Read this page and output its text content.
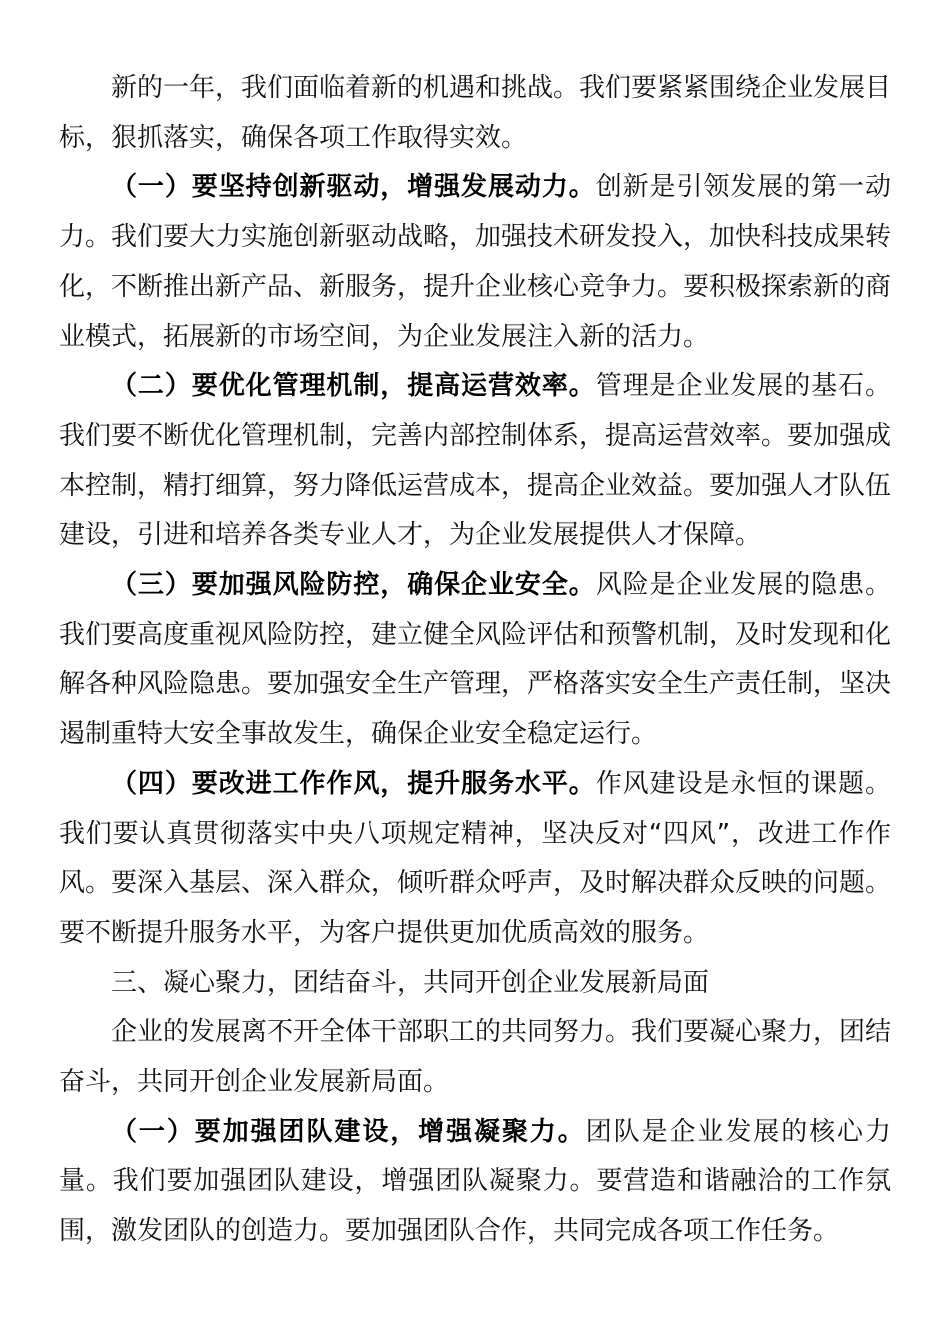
新的一年，我们面临着新的机遇和挑战。我们要紧紧围绕企业发展目标，狠抓落实，确保各项工作取得实效。

（一）要坚持创新驱动，增强发展动力。创新是引领发展的第一动力。我们要大力实施创新驱动战略，加强技术研发投入，加快科技成果转化，不断推出新产品、新服务，提升企业核心竞争力。要积极探索新的商业模式，拓展新的市场空间，为企业发展注入新的活力。

（二）要优化管理机制，提高运营效率。管理是企业发展的基石。我们要不断优化管理机制，完善内部控制体系，提高运营效率。要加强成本控制，精打细算，努力降低运营成本，提高企业效益。要加强人才队伍建设，引进和培养各类专业人才，为企业发展提供人才保障。

（三）要加强风险防控，确保企业安全。风险是企业发展的隐患。我们要高度重视风险防控，建立健全风险评估和预警机制，及时发现和化解各种风险隐患。要加强安全生产管理，严格落实安全生产责任制，坚决遏制重特大安全事故发生，确保企业安全稳定运行。

（四）要改进工作作风，提升服务水平。作风建设是永恒的课题。我们要认真贯彻落实中央八项规定精神，坚决反对“四风”，改进工作作风。要深入基层、深入群众，倾听群众呼声，及时解决群众反映的问题。要不断提升服务水平，为客户提供更加优质高效的服务。

三、凝心聚力，团结奋斗，共同开创企业发展新局面

企业的发展离不开全体干部职工的共同努力。我们要凝心聚力，团结奋斗，共同开创企业发展新局面。

（一）要加强团队建设，增强凝聚力。团队是企业发展的核心力量。我们要加强团队建设，增强团队凝聚力。要营造和谐融洽的工作氛围，激发团队的创造力。要加强团队合作，共同完成各项工作任务。
